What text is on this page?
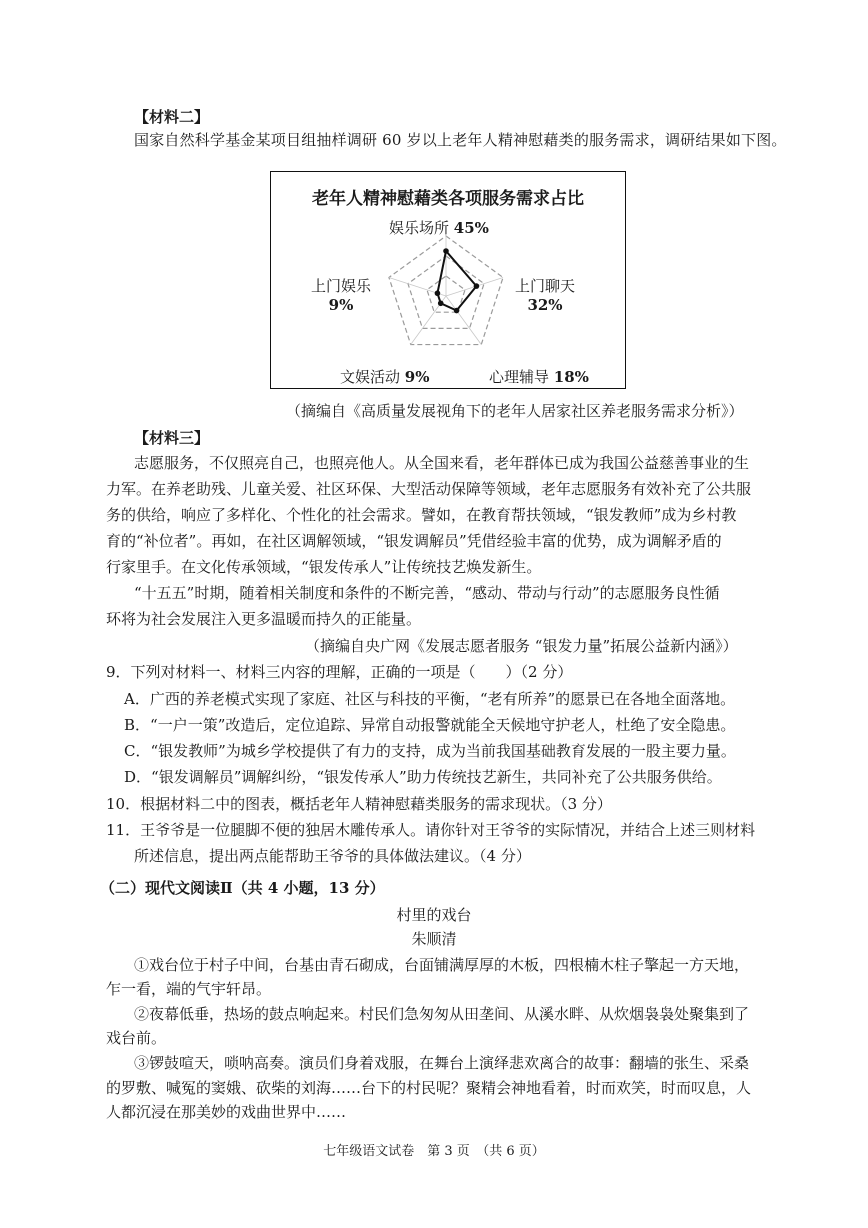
【材料二】
国家自然科学基金某项目组抽样调研 60 岁以上老年人精神慰藉类的服务需求，调研结果如下图。
老年人精神慰藉类各项服务需求占比
娱乐场所 45%
上门聊天
32%
心理辅导 18%
文娱活动 9%
上门娱乐
9%
（摘编自《高质量发展视角下的老年人居家社区养老服务需求分析》）
【材料三】
志愿服务，不仅照亮自己，也照亮他人。从全国来看，老年群体已成为我国公益慈善事业的生
力军。在养老助残、儿童关爱、社区环保、大型活动保障等领域，老年志愿服务有效补充了公共服
务的供给，响应了多样化、个性化的社会需求。譬如，在教育帮扶领域，“银发教师”成为乡村教
育的“补位者”。再如，在社区调解领域，“银发调解员”凭借经验丰富的优势，成为调解矛盾的
行家里手。在文化传承领域，“银发传承人”让传统技艺焕发新生。
“十五五”时期，随着相关制度和条件的不断完善，“感动、带动与行动”的志愿服务良性循
环将为社会发展注入更多温暖而持久的正能量。
（摘编自央广网《发展志愿者服务 “银发力量”拓展公益新内涵》）
9．下列对材料一、材料三内容的理解，正确的一项是（　　）（2 分）
A．广西的养老模式实现了家庭、社区与科技的平衡，“老有所养”的愿景已在各地全面落地。
B．“一户一策”改造后，定位追踪、异常自动报警就能全天候地守护老人，杜绝了安全隐患。
C．“银发教师”为城乡学校提供了有力的支持，成为当前我国基础教育发展的一股主要力量。
D．“银发调解员”调解纠纷，“银发传承人”助力传统技艺新生，共同补充了公共服务供给。
10．根据材料二中的图表，概括老年人精神慰藉类服务的需求现状。（3 分）
11．王爷爷是一位腿脚不便的独居木雕传承人。请你针对王爷爷的实际情况，并结合上述三则材料
所述信息，提出两点能帮助王爷爷的具体做法建议。（4 分）
（二）现代文阅读Ⅱ（共 4 小题，13 分）
村里的戏台
朱顺清
①戏台位于村子中间，台基由青石砌成，台面铺满厚厚的木板，四根楠木柱子擎起一方天地，
乍一看，端的气宇轩昂。
②夜幕低垂，热场的鼓点响起来。村民们急匆匆从田垄间、从溪水畔、从炊烟袅袅处聚集到了
戏台前。
③锣鼓喧天，唢呐高奏。演员们身着戏服，在舞台上演绎悲欢离合的故事：翻墙的张生、采桑
的罗敷、喊冤的窦娥、砍柴的刘海……台下的村民呢？聚精会神地看着，时而欢笑，时而叹息，人
人都沉浸在那美妙的戏曲世界中……
七年级语文试卷　第 3 页　（共 6 页）
